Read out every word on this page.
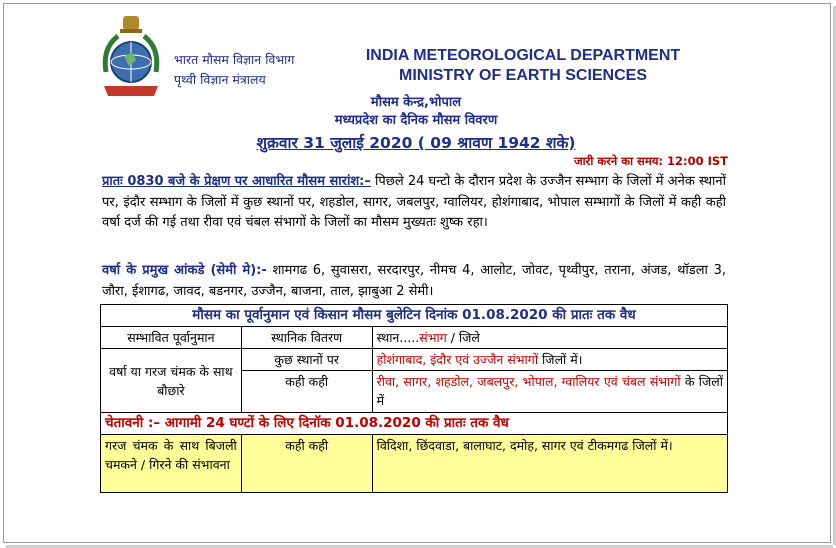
भारत मौसम विज्ञान विभाग
पृथ्वी विज्ञान मंत्रालय
INDIA METEOROLOGICAL DEPARTMENT
MINISTRY OF EARTH SCIENCES
मौसम केन्द्र,भोपाल
मध्यप्रदेश का दैनिक मौसम विवरण
शुक्रवार 31 जुलाई 2020 ( 09 श्रावण 1942 शके)
जारी करने का समय: 12:00 IST
प्रातः 0830 बजे के प्रेक्षण पर आधारित मौसम सारांश:– पिछले 24 घन्टो के दौरान प्रदेश के उज्जैन सम्भाग के जिलों में अनेक स्थानों पर, इंदौर सम्भाग के जिलों में कुछ स्थानों पर, शहडोल, सागर, जबलपुर, ग्वालियर, होशंगाबाद, भोपाल सम्भागों के जिलों में कही कही वर्षा दर्ज की गई तथा रीवा एवं चंबल संभागों के जिलों का मौसम मुख्यतः शुष्क रहा।
वर्षा के प्रमुख आंकडे (सेमी मे):- शामगढ 6, सुवासरा, सरदारपुर, नीमच 4, आलोट, जोवट, पृथ्वीपुर, तराना, अंजड, थॉडला 3, जौरा, ईशागढ, जावद, बडनगर, उज्जैन, बाजना, ताल, झाबुआ 2 सेमी।
मौसम का पूर्वानुमान एवं किसान मौसम बुलेटिन दिनांक 01.08.2020 की प्रातः तक वैध		
सम्भावित पूर्वानुमान	स्थानिक वितरण	स्थान.....संभाग / जिले
वर्षा या गरज चंमक के साथ बौछारे	कुछ स्थानों पर	होशंगाबाद, इंदौर एवं उज्जैन संभागों जिलों में।
	कही कही	रीवा, सागर, शहडोल, जबलपुर, भोपाल, ग्वालियर एवं चंबल संभागों के जिलों में
चेतावनी :– आगामी 24 घण्टों के लिए दिनॉक 01.08.2020 की प्रातः तक वैध		
गरज चंमक के साथ बिजली चमकने / गिरने की संभावना	कही कही	विदिशा, छिंदवाडा, बालाघाट, दमोह, सागर एवं टीकमगढ जिलों में।
